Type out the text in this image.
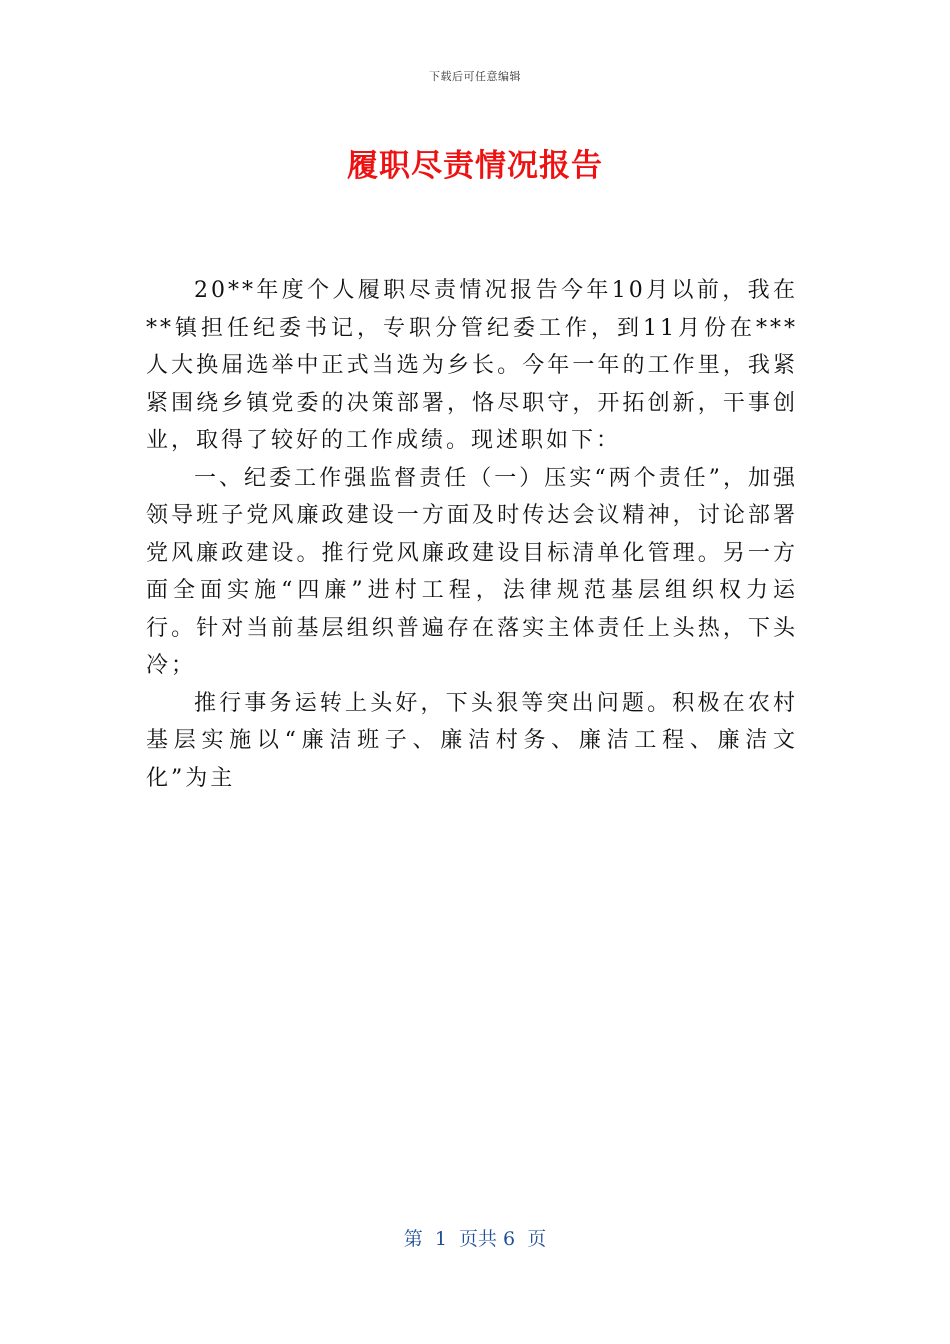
下载后可任意编辑
履职尽责情况报告

20**年度个人履职尽责情况报告今年10月以前，我在**镇担任纪委书记，专职分管纪委工作，到11月份在***人大换届选举中正式当选为乡长。今年一年的工作里，我紧紧围绕乡镇党委的决策部署，恪尽职守，开拓创新，干事创业，取得了较好的工作成绩。现述职如下：

一、纪委工作强监督责任（一）压实“两个责任”，加强领导班子党风廉政建设一方面及时传达会议精神，讨论部署党风廉政建设。推行党风廉政建设目标清单化管理。另一方面全面实施“四廉”进村工程，法律规范基层组织权力运行。针对当前基层组织普遍存在落实主体责任上头热，下头冷；

推行事务运转上头好，下头狠等突出问题。积极在农村基层实施以“廉洁班子、廉洁村务、廉洁工程、廉洁文化”为主

第  1  页共 6  页
